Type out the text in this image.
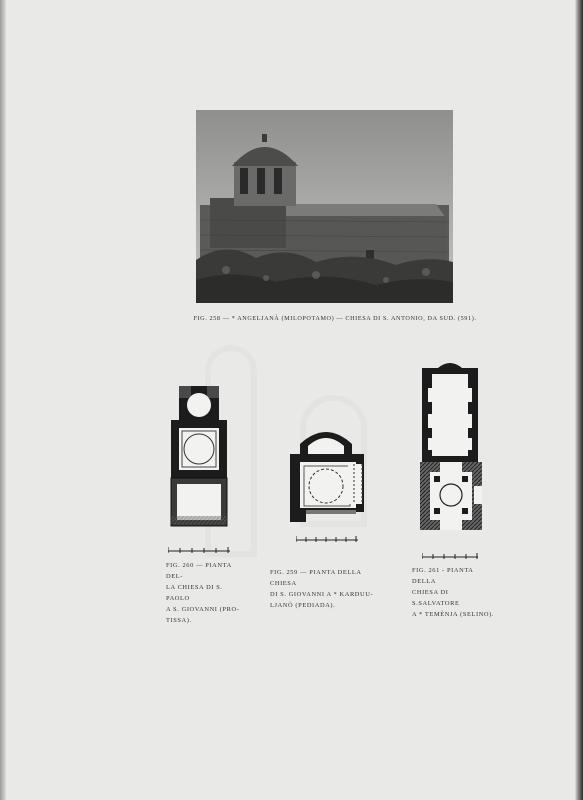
FIG. 258 — * ANGELJANÀ (MILOPOTAMO) — CHIESA DI S. ANTONIO, DA SUD. (591).
FIG. 260 — PIANTA DEL-
LA CHIESA DI S. PAOLO
A S. GIOVANNI (PRO-
TISSA).
FIG. 259 — PIANTA DELLA CHIESA
DI S. GIOVANNI A * KARDUU-
LJANÒ (PEDIADA).
FIG. 261 - PIANTA DELLA
CHIESA DI S.SALVATORE
A * TEMÈNJA (SELINO).
